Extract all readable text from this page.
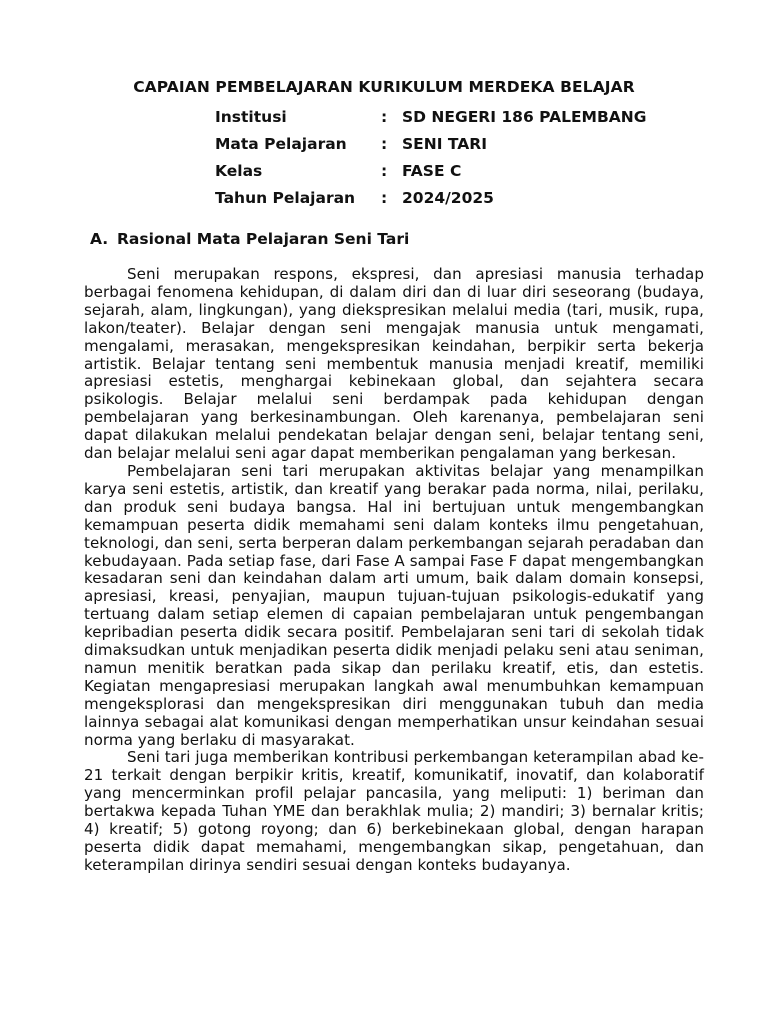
CAPAIAN PEMBELAJARAN KURIKULUM MERDEKA BELAJAR
Institusi	: SD NEGERI 186 PALEMBANG
Mata Pelajaran	: SENI TARI
Kelas	: FASE C
Tahun Pelajaran	: 2024/2025
A. Rasional Mata Pelajaran Seni Tari

Seni merupakan respons, ekspresi, dan apresiasi manusia terhadap berbagai fenomena kehidupan, di dalam diri dan di luar diri seseorang (budaya, sejarah, alam, lingkungan), yang diekspresikan melalui media (tari, musik, rupa, lakon/teater). Belajar dengan seni mengajak manusia untuk mengamati, mengalami, merasakan, mengekspresikan keindahan, berpikir serta bekerja artistik. Belajar tentang seni membentuk manusia menjadi kreatif, memiliki apresiasi estetis, menghargai kebinekaan global, dan sejahtera secara psikologis. Belajar melalui seni berdampak pada kehidupan dengan pembelajaran yang berkesinambungan. Oleh karenanya, pembelajaran seni dapat dilakukan melalui pendekatan belajar dengan seni, belajar tentang seni, dan belajar melalui seni agar dapat memberikan pengalaman yang berkesan.

Pembelajaran seni tari merupakan aktivitas belajar yang menampilkan karya seni estetis, artistik, dan kreatif yang berakar pada norma, nilai, perilaku, dan produk seni budaya bangsa. Hal ini bertujuan untuk mengembangkan kemampuan peserta didik memahami seni dalam konteks ilmu pengetahuan, teknologi, dan seni, serta berperan dalam perkembangan sejarah peradaban dan kebudayaan. Pada setiap fase, dari Fase A sampai Fase F dapat mengembangkan kesadaran seni dan keindahan dalam arti umum, baik dalam domain konsepsi, apresiasi, kreasi, penyajian, maupun tujuan-tujuan psikologis-edukatif yang tertuang dalam setiap elemen di capaian pembelajaran untuk pengembangan kepribadian peserta didik secara positif. Pembelajaran seni tari di sekolah tidak dimaksudkan untuk menjadikan peserta didik menjadi pelaku seni atau seniman, namun menitik beratkan pada sikap dan perilaku kreatif, etis, dan estetis. Kegiatan mengapresiasi merupakan langkah awal menumbuhkan kemampuan mengeksplorasi dan mengekspresikan diri menggunakan tubuh dan media lainnya sebagai alat komunikasi dengan memperhatikan unsur keindahan sesuai norma yang berlaku di masyarakat.

Seni tari juga memberikan kontribusi perkembangan keterampilan abad ke-21 terkait dengan berpikir kritis, kreatif, komunikatif, inovatif, dan kolaboratif yang mencerminkan profil pelajar pancasila, yang meliputi: 1) beriman dan bertakwa kepada Tuhan YME dan berakhlak mulia; 2) mandiri; 3) bernalar kritis; 4) kreatif; 5) gotong royong; dan 6) berkebinekaan global, dengan harapan peserta didik dapat memahami, mengembangkan sikap, pengetahuan, dan keterampilan dirinya sendiri sesuai dengan konteks budayanya.
